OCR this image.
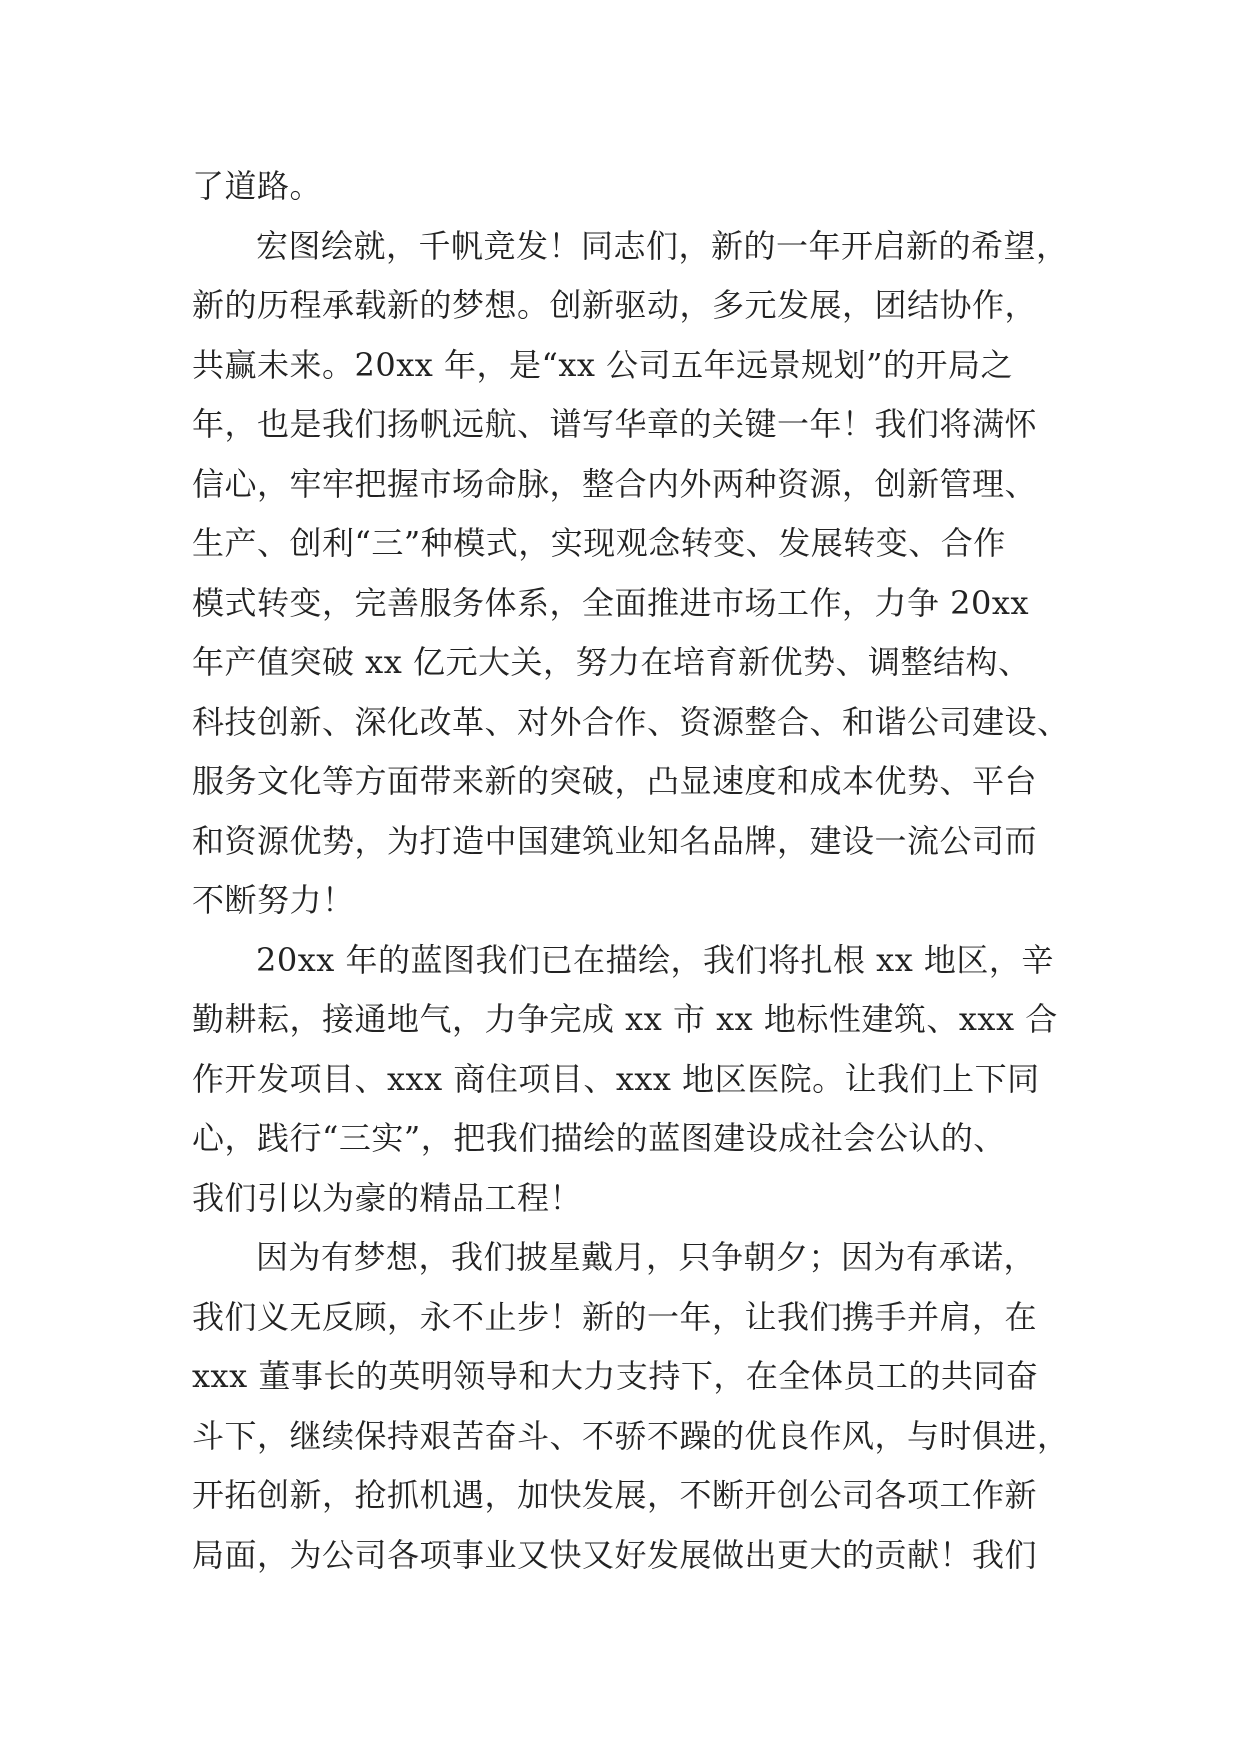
了道路。
宏图绘就，千帆竞发！同志们，新的一年开启新的希望，
新的历程承载新的梦想。创新驱动，多元发展，团结协作，
共赢未来。20xx 年，是“xx 公司五年远景规划”的开局之
年，也是我们扬帆远航、谱写华章的关键一年！我们将满怀
信心，牢牢把握市场命脉，整合内外两种资源，创新管理、
生产、创利“三”种模式，实现观念转变、发展转变、合作
模式转变，完善服务体系，全面推进市场工作，力争 20xx
年产值突破 xx 亿元大关，努力在培育新优势、调整结构、
科技创新、深化改革、对外合作、资源整合、和谐公司建设、
服务文化等方面带来新的突破，凸显速度和成本优势、平台
和资源优势，为打造中国建筑业知名品牌，建设一流公司而
不断努力！
20xx 年的蓝图我们已在描绘，我们将扎根 xx 地区，辛
勤耕耘，接通地气，力争完成 xx 市 xx 地标性建筑、xxx 合
作开发项目、xxx 商住项目、xxx 地区医院。让我们上下同
心，践行“三实”，把我们描绘的蓝图建设成社会公认的、
我们引以为豪的精品工程！
因为有梦想，我们披星戴月，只争朝夕；因为有承诺，
我们义无反顾，永不止步！新的一年，让我们携手并肩，在
xxx 董事长的英明领导和大力支持下，在全体员工的共同奋
斗下，继续保持艰苦奋斗、不骄不躁的优良作风，与时俱进，
开拓创新，抢抓机遇，加快发展，不断开创公司各项工作新
局面，为公司各项事业又快又好发展做出更大的贡献！我们
